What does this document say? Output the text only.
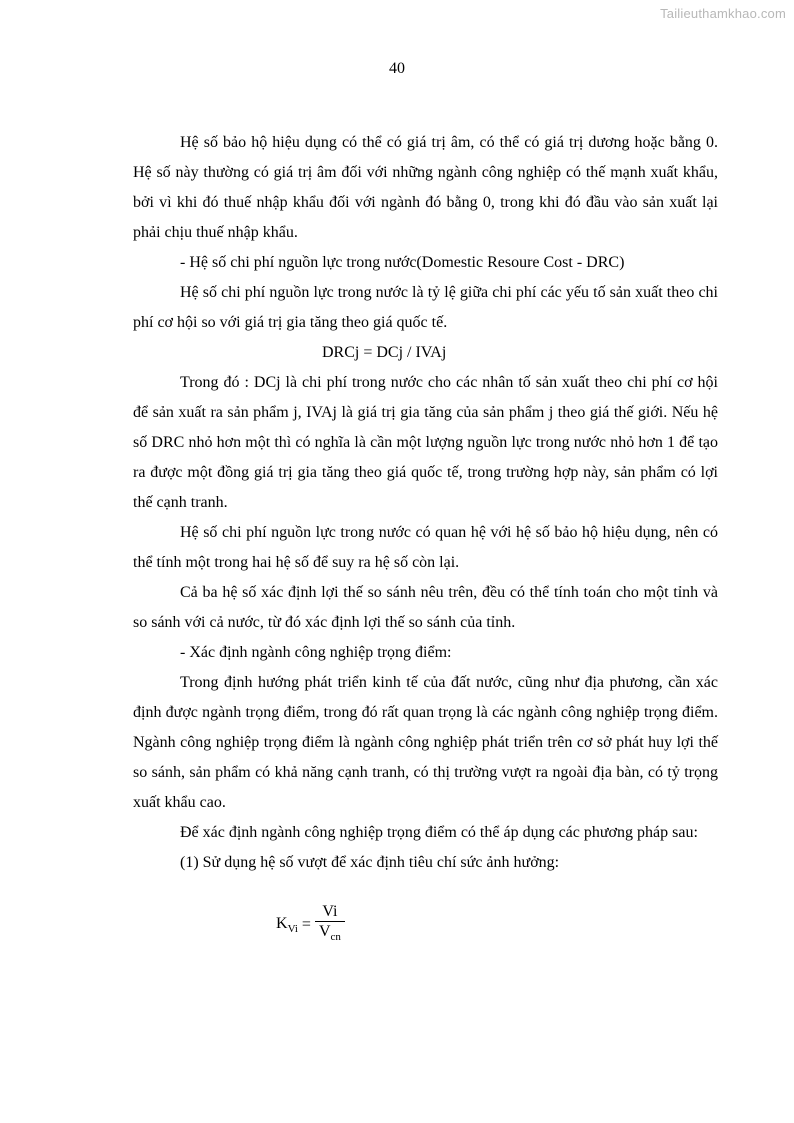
Tailieuthamkhao.com
40

Hệ số bảo hộ hiệu dụng có thể có giá trị âm, có thể có giá trị dương hoặc bằng 0. Hệ số này thường có giá trị âm đối với những ngành công nghiệp có thế mạnh xuất khẩu, bởi vì khi đó thuế nhập khẩu đối với ngành đó bằng 0, trong khi đó đầu vào sản xuất lại phải chịu thuế nhập khẩu.

- Hệ số chi phí nguồn lực trong nước(Domestic Resoure Cost - DRC)

Hệ số chi phí nguồn lực trong nước là tỷ lệ giữa chi phí các yếu tố sản xuất theo chi phí cơ hội so với giá trị gia tăng theo giá quốc tế.

DRCj = DCj / IVAj

Trong đó : DCj là chi phí trong nước cho các nhân tố sản xuất theo chi phí cơ hội để sản xuất ra sản phẩm j, IVAj là giá trị gia tăng của sản phẩm j theo giá thế giới. Nếu hệ số DRC nhỏ hơn một thì có nghĩa là cần một lượng nguồn lực trong nước nhỏ hơn 1 để tạo ra được một đồng giá trị gia tăng theo giá quốc tế, trong trường hợp này, sản phẩm có lợi thế cạnh tranh.

Hệ số chi phí nguồn lực trong nước có quan hệ với hệ số bảo hộ hiệu dụng, nên có thể tính một trong hai hệ số để suy ra hệ số còn lại.

Cả ba hệ số xác định lợi thế so sánh nêu trên, đều có thể tính toán cho một tỉnh và so sánh với cả nước, từ đó xác định lợi thế so sánh của tỉnh.

- Xác định ngành công nghiệp trọng điểm:

Trong định hướng phát triển kinh tế của đất nước, cũng như địa phương, cần xác định được ngành trọng điểm, trong đó rất quan trọng là các ngành công nghiệp trọng điểm. Ngành công nghiệp trọng điểm là ngành công nghiệp phát triển trên cơ sở phát huy lợi thế so sánh, sản phẩm có khả năng cạnh tranh, có thị trường vượt ra ngoài địa bàn, có tỷ trọng xuất khẩu cao.

Để xác định ngành công nghiệp trọng điểm có thể áp dụng các phương pháp sau:

(1) Sử dụng hệ số vượt để xác định tiêu chí sức ảnh hưởng:

$K_{Vi} = \frac{Vi}{V_{cn}}$
